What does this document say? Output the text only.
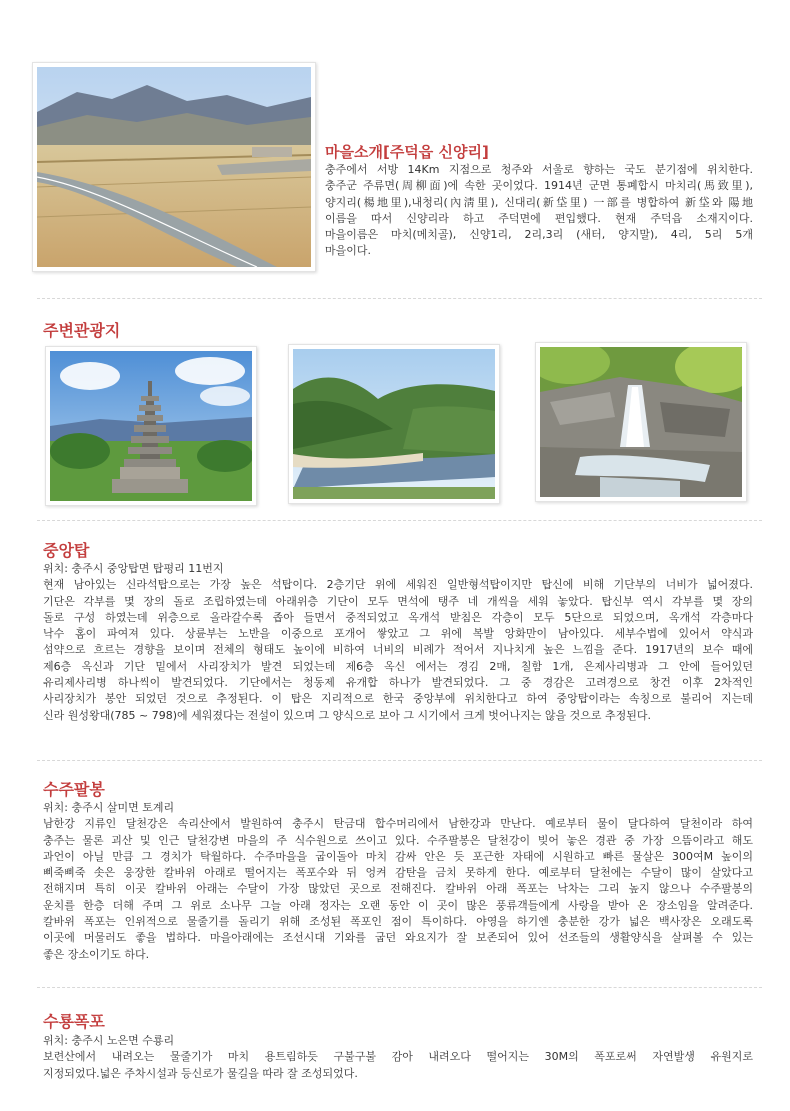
마을소개[주덕읍 신양리]
충주에서 서방 14Km 지점으로 청주와 서울로 향하는 국도 분기점에 위치한다.
충주군 주류면(周柳面)에 속한 곳이었다. 1914년 군면 통폐합시 마치리(馬致里),
양지리(楊地里),내청리(內淸里), 신대리(新垈里) 一部를 병합하여 新垈와 陽地
이름을 따서 신양리라 하고 주덕면에 편입했다. 현재 주덕읍 소재지이다.
마을이름은 마치(메치골), 신양1리, 2리,3리 (새터, 양지말), 4리, 5리 5개
마을이다.
주변관광지
중앙탑
위치: 충주시 중앙탑면 탑평리 11번지
현재 남아있는 신라석탑으로는 가장 높은 석탑이다. 2층기단 위에 세워진 일반형석탑이지만 탑신에 비해 기단부의 너비가 넓어졌다.
기단은 각부를 몇 장의 돌로 조립하였는데 아래위층 기단이 모두 면석에 탱주 네 개씩을 세워 놓았다. 탑신부 역시 각부를 몇 장의
돌로 구성 하였는데 위층으로 올라갈수록 좁아 들면서 중적되었고 옥개석 받침은 각층이 모두 5단으로 되었으며, 옥개석 각층마다
낙수 홈이 파여져 있다. 상륜부는 노반을 이중으로 포개어 쌓았고 그 위에 복발 앙화만이 남아있다. 세부수법에 있어서 약식과
섬약으로 흐르는 경향을 보이며 전체의 형태도 높이에 비하여 너비의 비례가 적어서 지나치게 높은 느낌을 준다. 1917년의 보수 때에
제6층 옥신과 기단 밑에서 사리장치가 발견 되었는데 제6층 옥신 에서는 경김 2매, 칠함 1개, 은제사리병과 그 안에 들어있던
유리제사리병 하나씩이 발견되었다. 기단에서는 청동제 유개합 하나가 발견되었다. 그 중 경감은 고려경으로 창건 이후 2차적인
사리장치가 봉안 되었던 것으로 추정된다. 이 탑은 지리적으로 한국 중앙부에 위치한다고 하여 중앙탑이라는 속칭으로 불리어 지는데
신라 원성왕대(785 ~ 798)에 세워졌다는 전설이 있으며 그 양식으로 보아 그 시기에서 크게 벗어나지는 않을 것으로 추정된다.
수주팔봉
위치: 충주시 살미면 토계리
남한강 지류인 달천강은 속리산에서 발원하여 충주시 탄금대 합수머리에서 남한강과 만난다. 예로부터 물이 달다하여 달천이라 하여
충주는 물론 괴산 및 인근 달천강변 마을의 주 식수원으로 쓰이고 있다. 수주팔봉은 달천강이 빚어 놓은 경관 중 가장 으뜸이라고 해도
과언이 아닐 만큼 그 경치가 탁월하다. 수주마을을 굽이돌아 마치 감싸 안은 듯 포근한 자태에 시원하고 빠른 물살은 300여M 높이의
삐죽삐죽 솟은 웅장한 칼바위 아래로 떨어지는 폭포수와 뒤 엉켜 감탄을 금치 못하게 한다. 예로부터 달천에는 수달이 많이 살았다고
전해지며 특히 이곳 칼바위 아래는 수달이 가장 많았던 곳으로 전해진다. 칼바위 아래 폭포는 낙차는 그리 높지 않으나 수주팔봉의
운치를 한층 더해 주며 그 위로 소나무 그늘 아래 정자는 오랜 동안 이 곳이 많은 풍류객들에게 사랑을 받아 온 장소임을 알려준다.
칼바위 폭포는 인위적으로 물줄기를 돌리기 위해 조성된 폭포인 점이 특이하다. 야영을 하기엔 충분한 강가 넓은 백사장은 오래도록
이곳에 머물러도 좋을 법하다. 마을아래에는 조선시대 기와를 굽던 와요지가 잘 보존되어 있어 선조들의 생활양식을 살펴볼 수 있는
좋은 장소이기도 하다.
수룡폭포
위치: 충주시 노은면 수룡리
보련산에서 내려오는 물줄기가 마치 용트림하듯 구불구불 감아 내려오다 떨어지는 30M의 폭포로써 자연발생 유원지로
지정되었다.넓은 주차시설과 등신로가 물길을 따라 잘 조성되었다.
